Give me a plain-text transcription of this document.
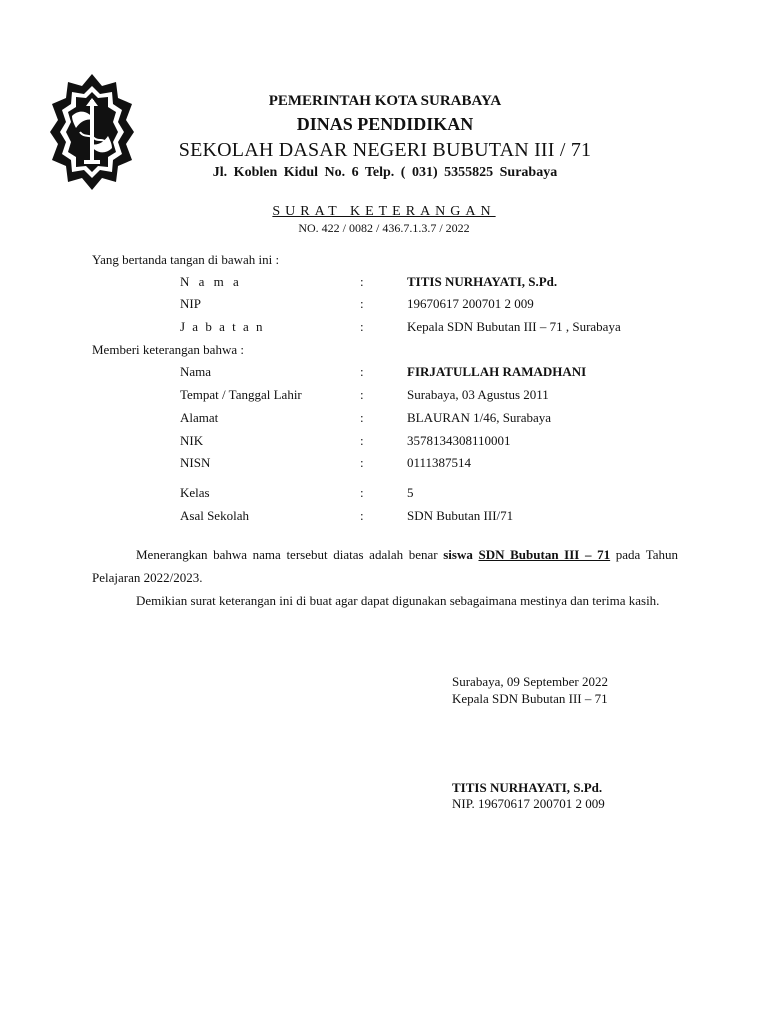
PEMERINTAH KOTA SURABAYA
DINAS PENDIDIKAN
SEKOLAH DASAR NEGERI BUBUTAN III / 71
Jl. Koblen Kidul No. 6 Telp. ( 031) 5355825 Surabaya
SURAT KETERANGAN
NO. 422 / 0082 / 436.7.1.3.7 / 2022
Yang bertanda tangan di bawah ini :
N a m a	:	TITIS NURHAYATI, S.Pd.
NIP	:	19670617 200701 2 009
J a b a t a n	:	Kepala SDN Bubutan III – 71 , Surabaya
Memberi keterangan bahwa :
Nama	:	FIRJATULLAH RAMADHANI
Tempat / Tanggal Lahir	:	Surabaya, 03 Agustus 2011
Alamat	:	BLAURAN 1/46, Surabaya
NIK	:	3578134308110001
NISN	:	0111387514
Kelas	:	5
Asal Sekolah	:	SDN Bubutan III/71
Menerangkan bahwa nama tersebut diatas adalah benar siswa SDN Bubutan III – 71 pada Tahun Pelajaran 2022/2023.
Demikian surat keterangan ini di buat agar dapat digunakan sebagaimana mestinya dan terima kasih.
Surabaya, 09 September 2022
Kepala SDN Bubutan III – 71
TITIS NURHAYATI, S.Pd.
NIP. 19670617 200701 2 009
